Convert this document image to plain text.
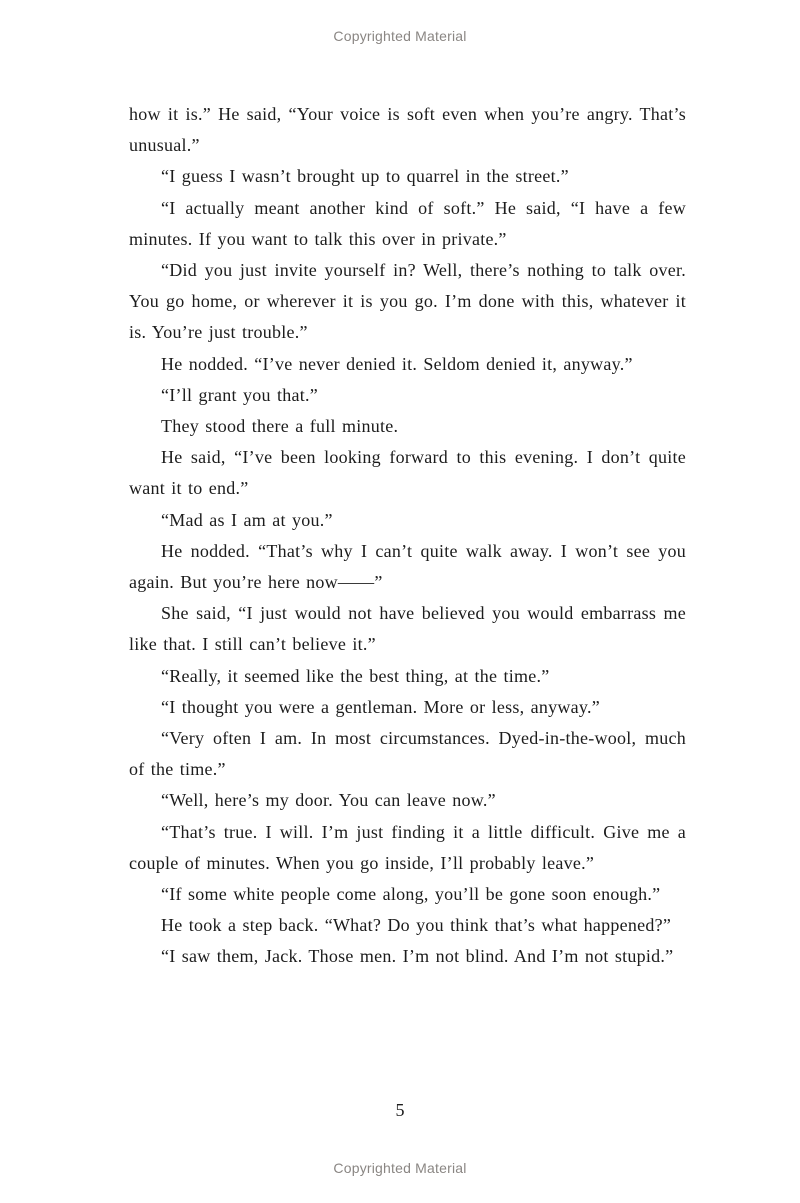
Copyrighted Material

how it is.” He said, “Your voice is soft even when you’re angry. That’s unusual.”

“I guess I wasn’t brought up to quarrel in the street.”

“I actually meant another kind of soft.” He said, “I have a few minutes. If you want to talk this over in private.”

“Did you just invite yourself in? Well, there’s nothing to talk over. You go home, or wherever it is you go. I’m done with this, whatever it is. You’re just trouble.”

He nodded. “I’ve never denied it. Seldom denied it, anyway.”

“I’ll grant you that.”

They stood there a full minute.

He said, “I’ve been looking forward to this evening. I don’t quite want it to end.”

“Mad as I am at you.”

He nodded. “That’s why I can’t quite walk away. I won’t see you again. But you’re here now——”

She said, “I just would not have believed you would embarrass me like that. I still can’t believe it.”

“Really, it seemed like the best thing, at the time.”

“I thought you were a gentleman. More or less, anyway.”

“Very often I am. In most circumstances. Dyed-in-the-wool, much of the time.”

“Well, here’s my door. You can leave now.”

“That’s true. I will. I’m just finding it a little difficult. Give me a couple of minutes. When you go inside, I’ll probably leave.”

“If some white people come along, you’ll be gone soon enough.”

He took a step back. “What? Do you think that’s what happened?”

“I saw them, Jack. Those men. I’m not blind. And I’m not stupid.”

5
Copyrighted Material
